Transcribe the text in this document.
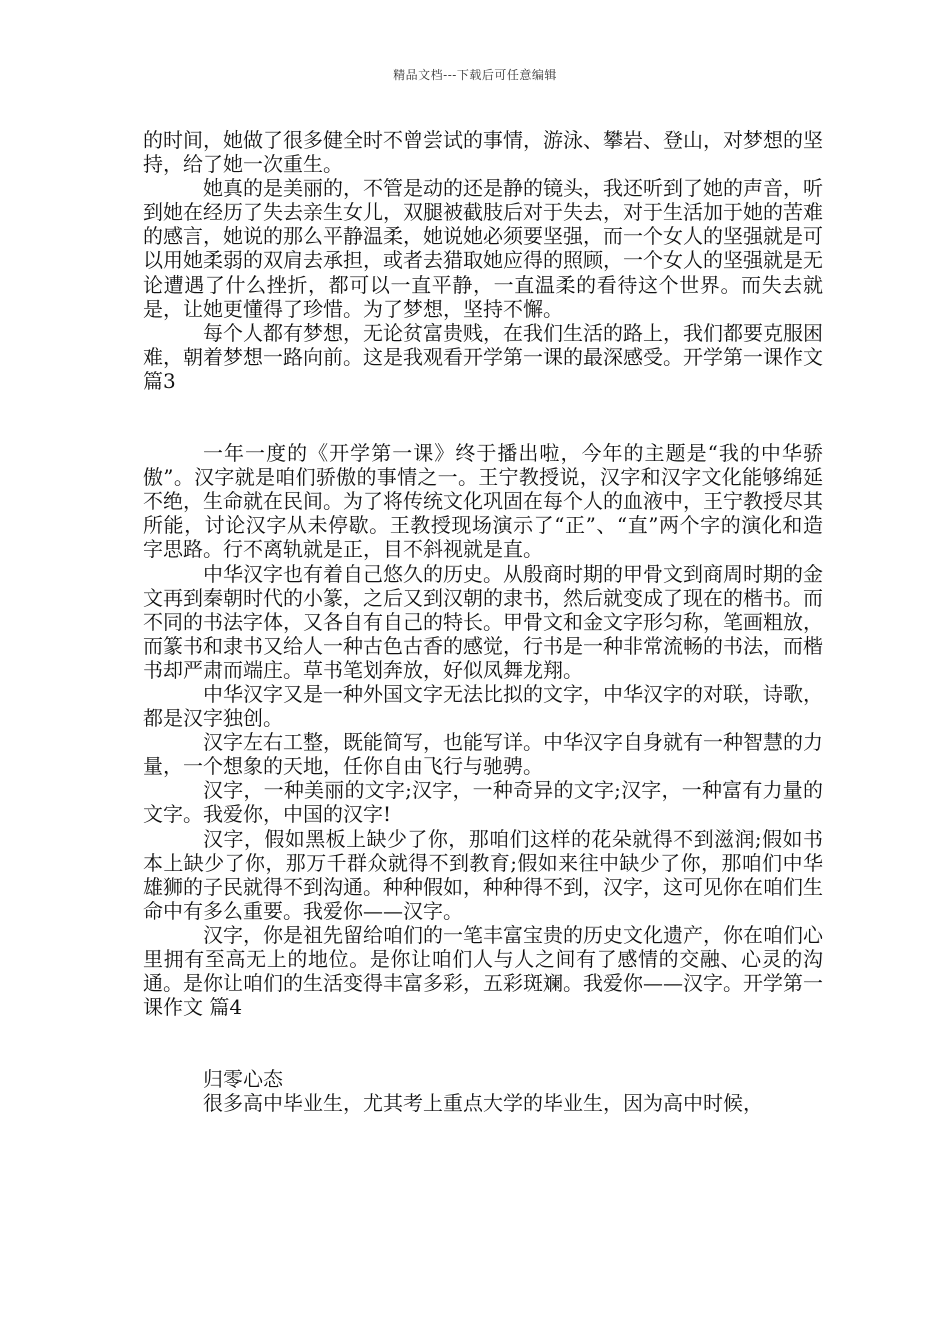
精品文档---下载后可任意编辑

的时间，她做了很多健全时不曾尝试的事情，游泳、攀岩、登山，对梦想的坚持，给了她一次重生。

她真的是美丽的，不管是动的还是静的镜头，我还听到了她的声音，听到她在经历了失去亲生女儿，双腿被截肢后对于失去，对于生活加于她的苦难的感言，她说的那么平静温柔，她说她必须要坚强，而一个女人的坚强就是可以用她柔弱的双肩去承担，或者去猎取她应得的照顾，一个女人的坚强就是无论遭遇了什么挫折，都可以一直平静，一直温柔的看待这个世界。而失去就是，让她更懂得了珍惜。为了梦想，坚持不懈。

每个人都有梦想，无论贫富贵贱，在我们生活的路上，我们都要克服困难，朝着梦想一路向前。这是我观看开学第一课的最深感受。开学第一课作文 篇3

一年一度的《开学第一课》终于播出啦，今年的主题是“我的中华骄傲”。汉字就是咱们骄傲的事情之一。王宁教授说，汉字和汉字文化能够绵延不绝，生命就在民间。为了将传统文化巩固在每个人的血液中，王宁教授尽其所能，讨论汉字从未停歇。王教授现场演示了“正”、“直”两个字的演化和造字思路。行不离轨就是正，目不斜视就是直。

中华汉字也有着自己悠久的历史。从殷商时期的甲骨文到商周时期的金文再到秦朝时代的小篆，之后又到汉朝的隶书，然后就变成了现在的楷书。而不同的书法字体，又各自有自己的特长。甲骨文和金文字形匀称，笔画粗放，而篆书和隶书又给人一种古色古香的感觉，行书是一种非常流畅的书法，而楷书却严肃而端庄。草书笔划奔放，好似凤舞龙翔。

中华汉字又是一种外国文字无法比拟的文字，中华汉字的对联，诗歌，都是汉字独创。

汉字左右工整，既能简写，也能写详。中华汉字自身就有一种智慧的力量，一个想象的天地，任你自由飞行与驰骋。

汉字，一种美丽的文字;汉字，一种奇异的文字;汉字，一种富有力量的文字。我爱你，中国的汉字!

汉字，假如黑板上缺少了你，那咱们这样的花朵就得不到滋润;假如书本上缺少了你，那万千群众就得不到教育;假如来往中缺少了你，那咱们中华雄狮的子民就得不到沟通。种种假如，种种得不到，汉字，这可见你在咱们生命中有多么重要。我爱你——汉字。

汉字，你是祖先留给咱们的一笔丰富宝贵的历史文化遗产，你在咱们心里拥有至高无上的地位。是你让咱们人与人之间有了感情的交融、心灵的沟通。是你让咱们的生活变得丰富多彩，五彩斑斓。我爱你——汉字。开学第一课作文 篇4

归零心态

很多高中毕业生，尤其考上重点大学的毕业生，因为高中时候，
